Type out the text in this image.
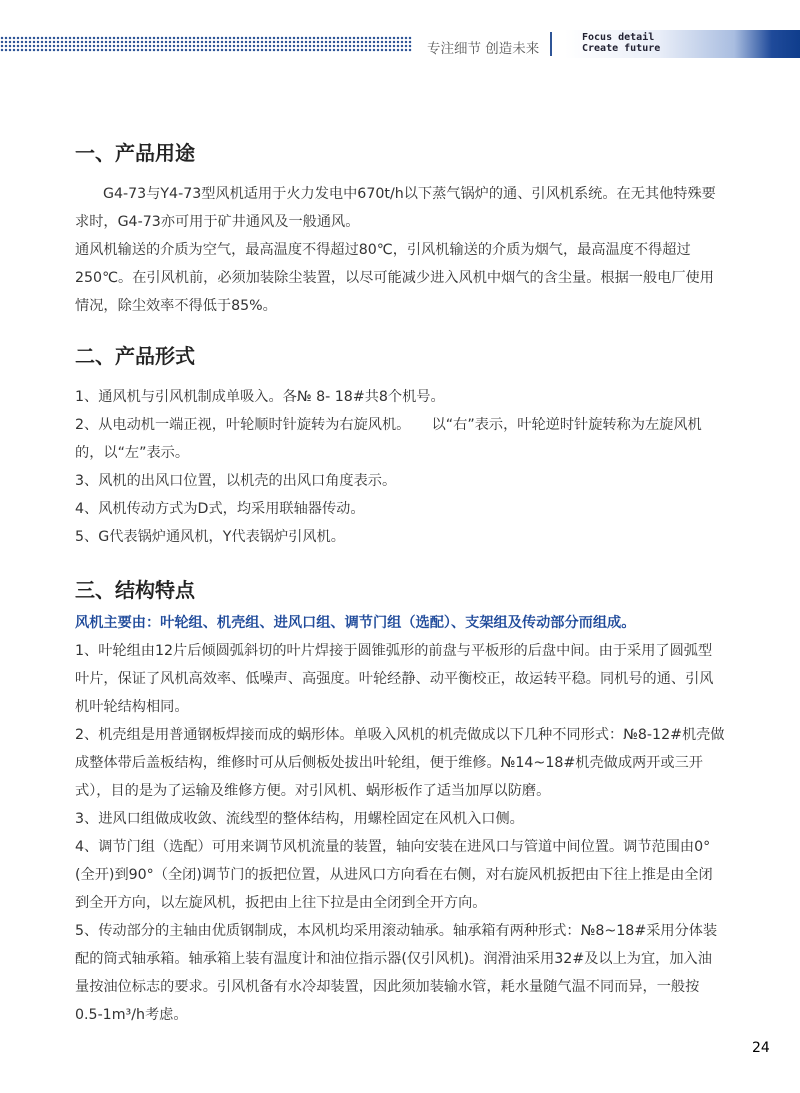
专注细节 创造未来
Focus detail
Create future
一、产品用途

G4-73与Y4-73型风机适用于火力发电中670t/h以下蒸气锅炉的通、引风机系统。在无其他特殊要求时，G4-73亦可用于矿井通风及一般通风。

通风机输送的介质为空气，最高温度不得超过80℃，引风机输送的介质为烟气，最高温度不得超过250℃。在引风机前，必须加装除尘装置，以尽可能减少进入风机中烟气的含尘量。根据一般电厂使用情况，除尘效率不得低于85%。

二、产品形式

1、通风机与引风机制成单吸入。各№ 8- 18#共8个机号。

2、从电动机一端正视，叶轮顺时针旋转为右旋风机。　　以“右”表示，叶轮逆时针旋转称为左旋风机的，以“左”表示。

3、风机的出风口位置，以机壳的出风口角度表示。

4、风机传动方式为D式，均采用联轴器传动。

5、G代表锅炉通风机，Y代表锅炉引风机。

三、结构特点

风机主要由：叶轮组、机壳组、进风口组、调节门组（选配）、支架组及传动部分而组成。

1、叶轮组由12片后倾圆弧斜切的叶片焊接于圆锥弧形的前盘与平板形的后盘中间。由于采用了圆弧型叶片，保证了风机高效率、低噪声、高强度。叶轮经静、动平衡校正，故运转平稳。同机号的通、引风机叶轮结构相同。

2、机壳组是用普通钢板焊接而成的蜗形体。单吸入风机的机壳做成以下几种不同形式：№8-12#机壳做成整体带后盖板结构，维修时可从后侧板处拔出叶轮组，便于维修。№14~18#机壳做成两开或三开式），目的是为了运输及维修方便。对引风机、蜗形板作了适当加厚以防磨。

3、进风口组做成收敛、流线型的整体结构，用螺栓固定在风机入口侧。

4、调节门组（选配）可用来调节风机流量的装置，轴向安装在进风口与管道中间位置。调节范围由0°(全开)到90°（全闭)调节门的扳把位置，从进风口方向看在右侧，对右旋风机扳把由下往上推是由全闭到全开方向，以左旋风机，扳把由上往下拉是由全闭到全开方向。

5、传动部分的主轴由优质钢制成，本风机均采用滚动轴承。轴承箱有两种形式：№8~18#采用分体装配的筒式轴承箱。轴承箱上装有温度计和油位指示器(仅引风机)。润滑油采用32#及以上为宜，加入油量按油位标志的要求。引风机备有水冷却装置，因此须加装输水管，耗水量随气温不同而异，一般按0.5-1m³/h考虑。

24
